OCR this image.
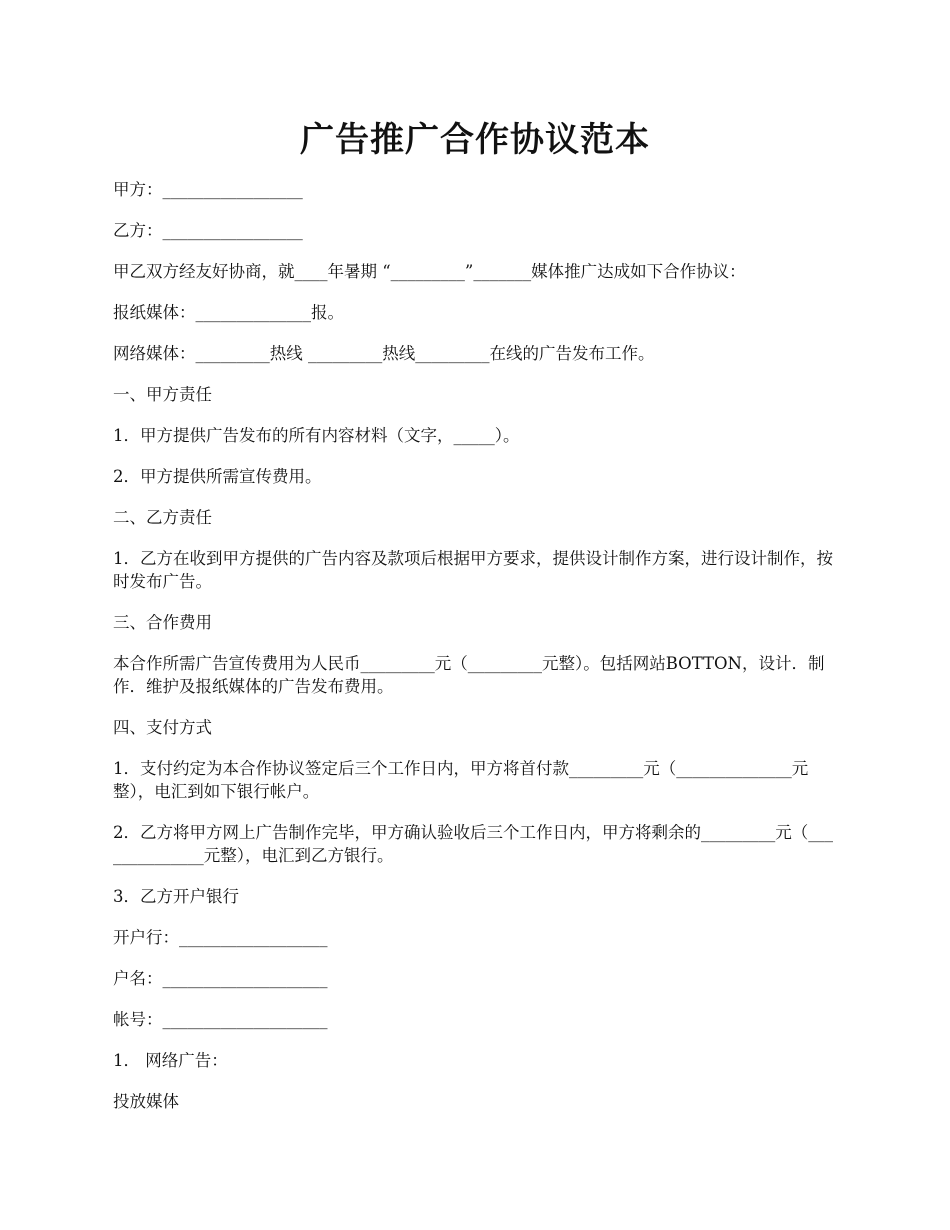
广告推广合作协议范本

甲方：_________________

乙方：_________________

甲乙双方经友好协商，就____年暑期 “_________”_______媒体推广达成如下合作协议：

报纸媒体：______________报。

网络媒体：_________热线 _________热线_________在线的广告发布工作。

一、甲方责任

1．甲方提供广告发布的所有内容材料（文字，_____）。

2．甲方提供所需宣传费用。

二、乙方责任

1．乙方在收到甲方提供的广告内容及款项后根据甲方要求，提供设计制作方案，进行设计制作，按时发布广告。

三、合作费用

本合作所需广告宣传费用为人民币_________元（_________元整）。包括网站BOTTON，设计．制作．维护及报纸媒体的广告发布费用。

四、支付方式

1．支付约定为本合作协议签定后三个工作日内，甲方将首付款_________元（______________元整），电汇到如下银行帐户。

2．乙方将甲方网上广告制作完毕，甲方确认验收后三个工作日内，甲方将剩余的_________元（______________元整），电汇到乙方银行。

3．乙方开户银行

开户行：__________________

户名：____________________

帐号：____________________

1． 网络广告：

投放媒体
